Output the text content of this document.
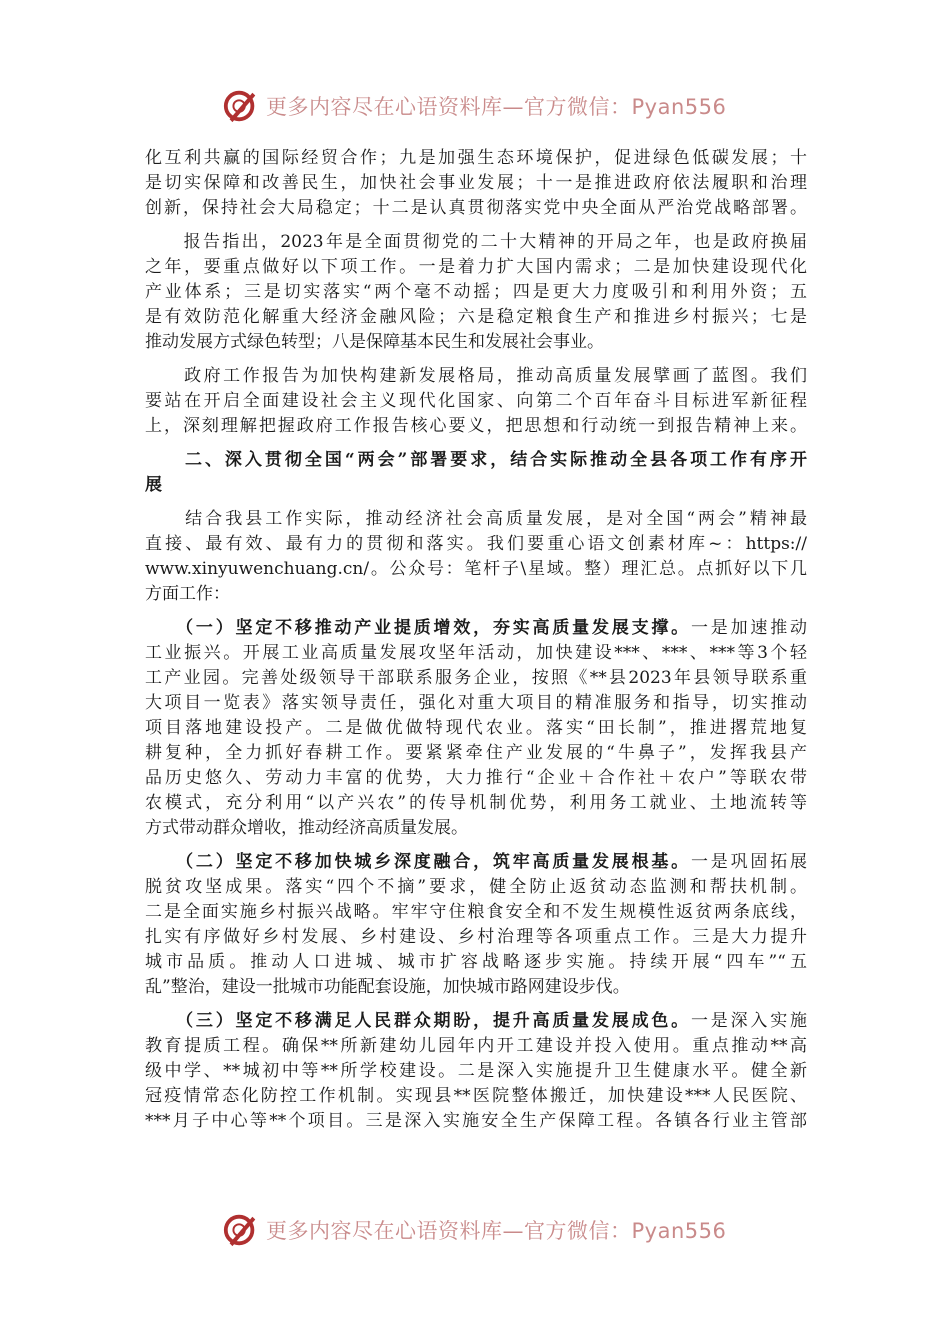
更多内容尽在心语资料库—官方微信：Pyan556
化互利共赢的国际经贸合作；九是加强生态环境保护，促进绿色低碳发展；十
是切实保障和改善民生，加快社会事业发展；十一是推进政府依法履职和治理
创新，保持社会大局稳定；十二是认真贯彻落实党中央全面从严治党战略部署。
　　报告指出，2023年是全面贯彻党的二十大精神的开局之年，也是政府换届
之年，要重点做好以下项工作。一是着力扩大国内需求；二是加快建设现代化
产业体系；三是切实落实“两个毫不动摇；四是更大力度吸引和利用外资；五
是有效防范化解重大经济金融风险；六是稳定粮食生产和推进乡村振兴；七是
推动发展方式绿色转型；八是保障基本民生和发展社会事业。
　　政府工作报告为加快构建新发展格局，推动高质量发展擘画了蓝图。我们
要站在开启全面建设社会主义现代化国家、向第二个百年奋斗目标进军新征程
上，深刻理解把握政府工作报告核心要义，把思想和行动统一到报告精神上来。
　　二、深入贯彻全国“两会”部署要求，结合实际推动全县各项工作有序开
展
　　结合我县工作实际，推动经济社会高质量发展，是对全国“两会”精神最
直接、最有效、最有力的贯彻和落实。我们要重心语文创素材库~：https://
www.xinyuwenchuang.cn/。公众号：笔杆子\星域。整）理汇总。点抓好以下几
方面工作：
　　（一）坚定不移推动产业提质增效，夯实高质量发展支撑。一是加速推动
工业振兴。开展工业高质量发展攻坚年活动，加快建设***、***、***等3个轻
工产业园。完善处级领导干部联系服务企业，按照《**县2023年县领导联系重
大项目一览表》落实领导责任，强化对重大项目的精准服务和指导，切实推动
项目落地建设投产。二是做优做特现代农业。落实“田长制”，推进撂荒地复
耕复种，全力抓好春耕工作。要紧紧牵住产业发展的“牛鼻子”，发挥我县产
品历史悠久、劳动力丰富的优势，大力推行“企业＋合作社＋农户”等联农带
农模式，充分利用“以产兴农”的传导机制优势，利用务工就业、土地流转等
方式带动群众增收，推动经济高质量发展。
　　（二）坚定不移加快城乡深度融合，筑牢高质量发展根基。一是巩固拓展
脱贫攻坚成果。落实“四个不摘”要求，健全防止返贫动态监测和帮扶机制。
二是全面实施乡村振兴战略。牢牢守住粮食安全和不发生规模性返贫两条底线，
扎实有序做好乡村发展、乡村建设、乡村治理等各项重点工作。三是大力提升
城市品质。推动人口进城、城市扩容战略逐步实施。持续开展“四车”“五
乱”整治，建设一批城市功能配套设施，加快城市路网建设步伐。
　　（三）坚定不移满足人民群众期盼，提升高质量发展成色。一是深入实施
教育提质工程。确保**所新建幼儿园年内开工建设并投入使用。重点推动**高
级中学、**城初中等**所学校建设。二是深入实施提升卫生健康水平。健全新
冠疫情常态化防控工作机制。实现县**医院整体搬迁，加快建设***人民医院、
***月子中心等**个项目。三是深入实施安全生产保障工程。各镇各行业主管部
更多内容尽在心语资料库—官方微信：Pyan556
